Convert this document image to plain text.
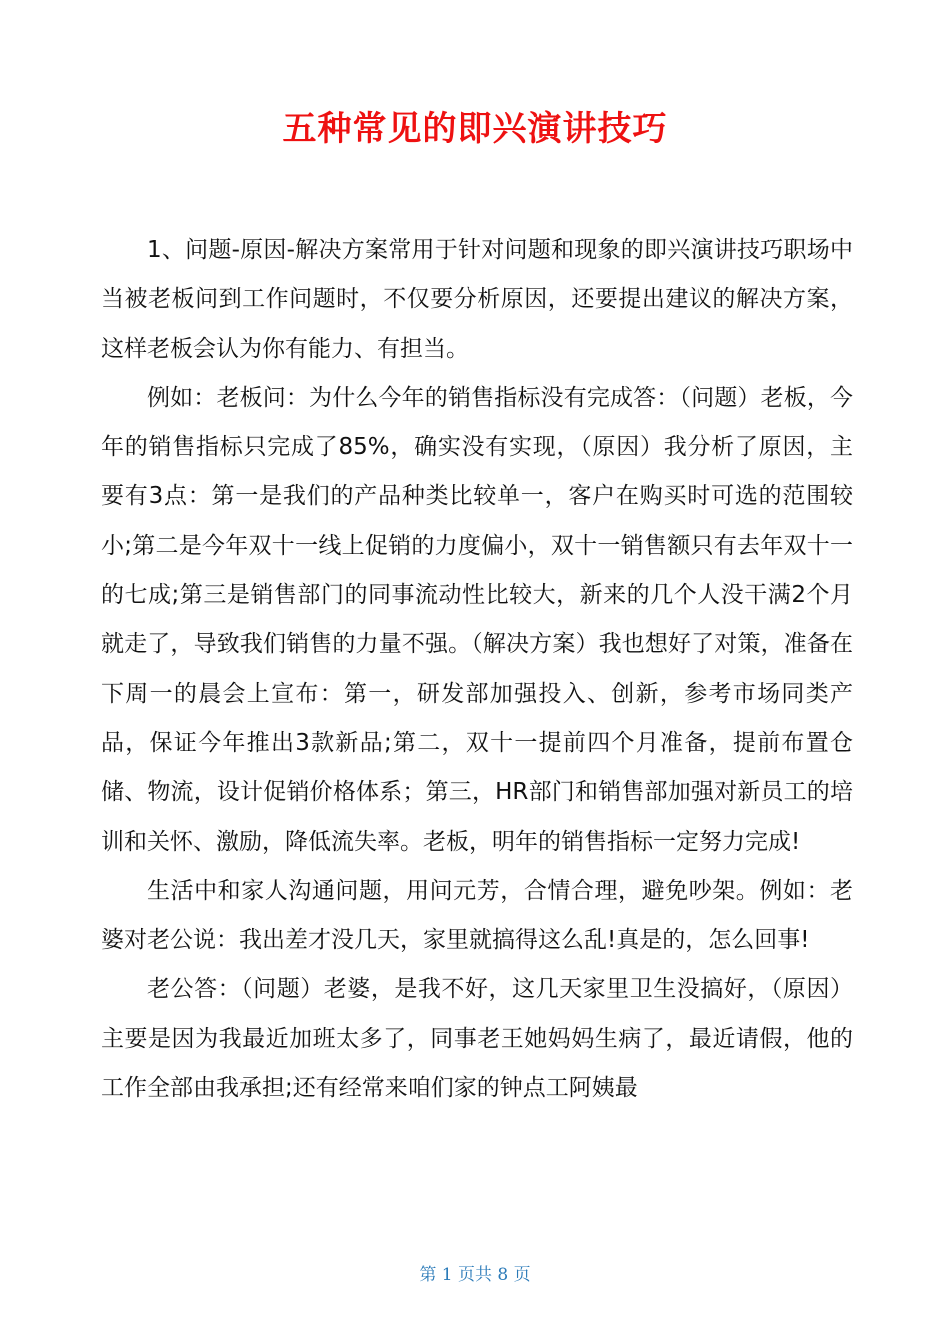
五种常见的即兴演讲技巧

1、问题-原因-解决方案常用于针对问题和现象的即兴演讲技巧职场中当被老板问到工作问题时，不仅要分析原因，还要提出建议的解决方案，这样老板会认为你有能力、有担当。

例如：老板问：为什么今年的销售指标没有完成答：（问题）老板，今年的销售指标只完成了85%，确实没有实现，（原因）我分析了原因，主要有3点：第一是我们的产品种类比较单一，客户在购买时可选的范围较小;第二是今年双十一线上促销的力度偏小，双十一销售额只有去年双十一的七成;第三是销售部门的同事流动性比较大，新来的几个人没干满2个月就走了，导致我们销售的力量不强。（解决方案）我也想好了对策，准备在下周一的晨会上宣布：第一，研发部加强投入、创新，参考市场同类产品，保证今年推出3款新品;第二，双十一提前四个月准备，提前布置仓储、物流，设计促销价格体系；第三，HR部门和销售部加强对新员工的培训和关怀、激励，降低流失率。老板，明年的销售指标一定努力完成!

生活中和家人沟通问题，用问元芳，合情合理，避免吵架。例如：老婆对老公说：我出差才没几天，家里就搞得这么乱!真是的，怎么回事!

老公答：（问题）老婆，是我不好，这几天家里卫生没搞好，（原因）主要是因为我最近加班太多了，同事老王她妈妈生病了，最近请假，他的工作全部由我承担;还有经常来咱们家的钟点工阿姨最

第 1 页共 8 页
